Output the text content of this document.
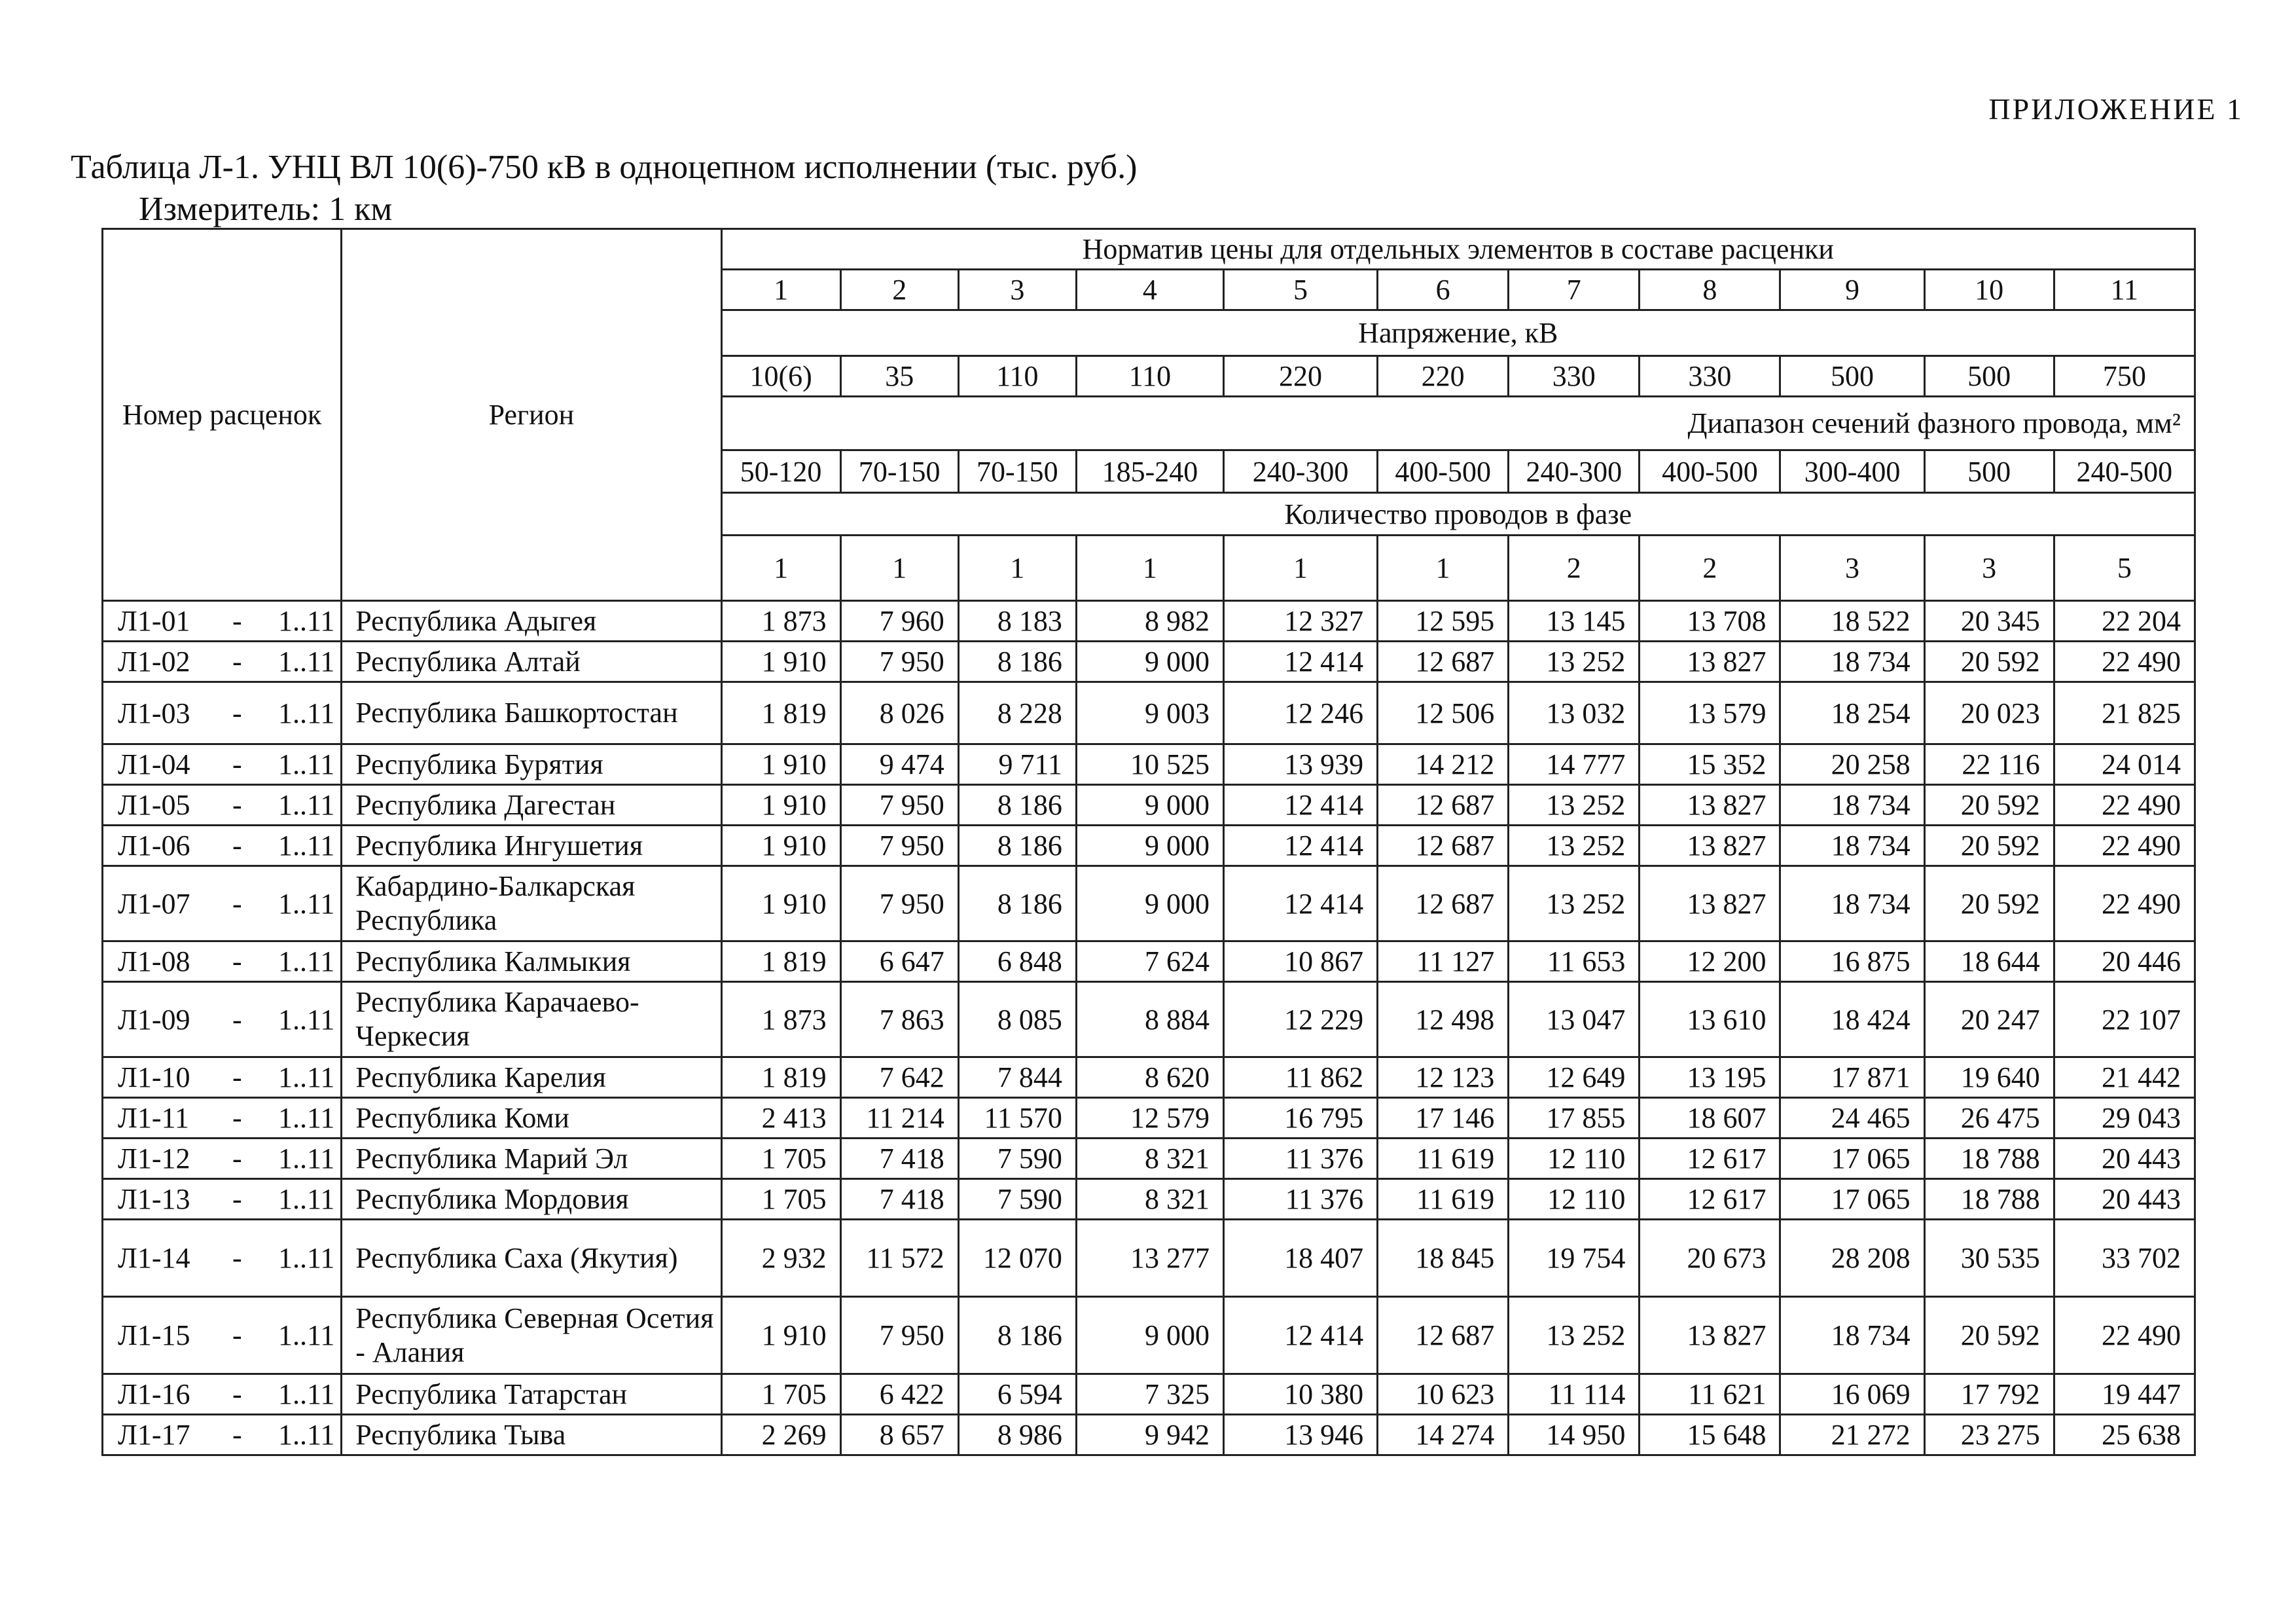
ПРИЛОЖЕНИЕ 1
Таблица Л-1. УНЦ ВЛ 10(6)-750 кВ в одноцепном исполнении (тыс. руб.)
Измеритель: 1 км
Номер расценок	Регион	Норматив цены для отдельных элементов в составе расценки										
		1	2	3	4	5	6	7	8	9	10	11
		Напряжение, кВ										
		10(6)	35	110	110	220	220	330	330	500	500	750
		Диапазон сечений фазного провода, мм²										
		50-120	70-150	70-150	185-240	240-300	400-500	240-300	400-500	300-400	500	240-500
		Количество проводов в фазе										
		1	1	1	1	1	1	2	2	3	3	5
Л1-01 - 1..11	Республика Адыгея	1 873	7 960	8 183	8 982	12 327	12 595	13 145	13 708	18 522	20 345	22 204
Л1-02 - 1..11	Республика Алтай	1 910	7 950	8 186	9 000	12 414	12 687	13 252	13 827	18 734	20 592	22 490
Л1-03 - 1..11	Республика Башкортостан	1 819	8 026	8 228	9 003	12 246	12 506	13 032	13 579	18 254	20 023	21 825
Л1-04 - 1..11	Республика Бурятия	1 910	9 474	9 711	10 525	13 939	14 212	14 777	15 352	20 258	22 116	24 014
Л1-05 - 1..11	Республика Дагестан	1 910	7 950	8 186	9 000	12 414	12 687	13 252	13 827	18 734	20 592	22 490
Л1-06 - 1..11	Республика Ингушетия	1 910	7 950	8 186	9 000	12 414	12 687	13 252	13 827	18 734	20 592	22 490
Л1-07 - 1..11	Кабардино-Балкарская Республика	1 910	7 950	8 186	9 000	12 414	12 687	13 252	13 827	18 734	20 592	22 490
Л1-08 - 1..11	Республика Калмыкия	1 819	6 647	6 848	7 624	10 867	11 127	11 653	12 200	16 875	18 644	20 446
Л1-09 - 1..11	Республика Карачаево-Черкесия	1 873	7 863	8 085	8 884	12 229	12 498	13 047	13 610	18 424	20 247	22 107
Л1-10 - 1..11	Республика Карелия	1 819	7 642	7 844	8 620	11 862	12 123	12 649	13 195	17 871	19 640	21 442
Л1-11 - 1..11	Республика Коми	2 413	11 214	11 570	12 579	16 795	17 146	17 855	18 607	24 465	26 475	29 043
Л1-12 - 1..11	Республика Марий Эл	1 705	7 418	7 590	8 321	11 376	11 619	12 110	12 617	17 065	18 788	20 443
Л1-13 - 1..11	Республика Мордовия	1 705	7 418	7 590	8 321	11 376	11 619	12 110	12 617	17 065	18 788	20 443
Л1-14 - 1..11	Республика Саха (Якутия)	2 932	11 572	12 070	13 277	18 407	18 845	19 754	20 673	28 208	30 535	33 702
Л1-15 - 1..11	Республика Северная Осетия - Алания	1 910	7 950	8 186	9 000	12 414	12 687	13 252	13 827	18 734	20 592	22 490
Л1-16 - 1..11	Республика Татарстан	1 705	6 422	6 594	7 325	10 380	10 623	11 114	11 621	16 069	17 792	19 447
Л1-17 - 1..11	Республика Тыва	2 269	8 657	8 986	9 942	13 946	14 274	14 950	15 648	21 272	23 275	25 638
